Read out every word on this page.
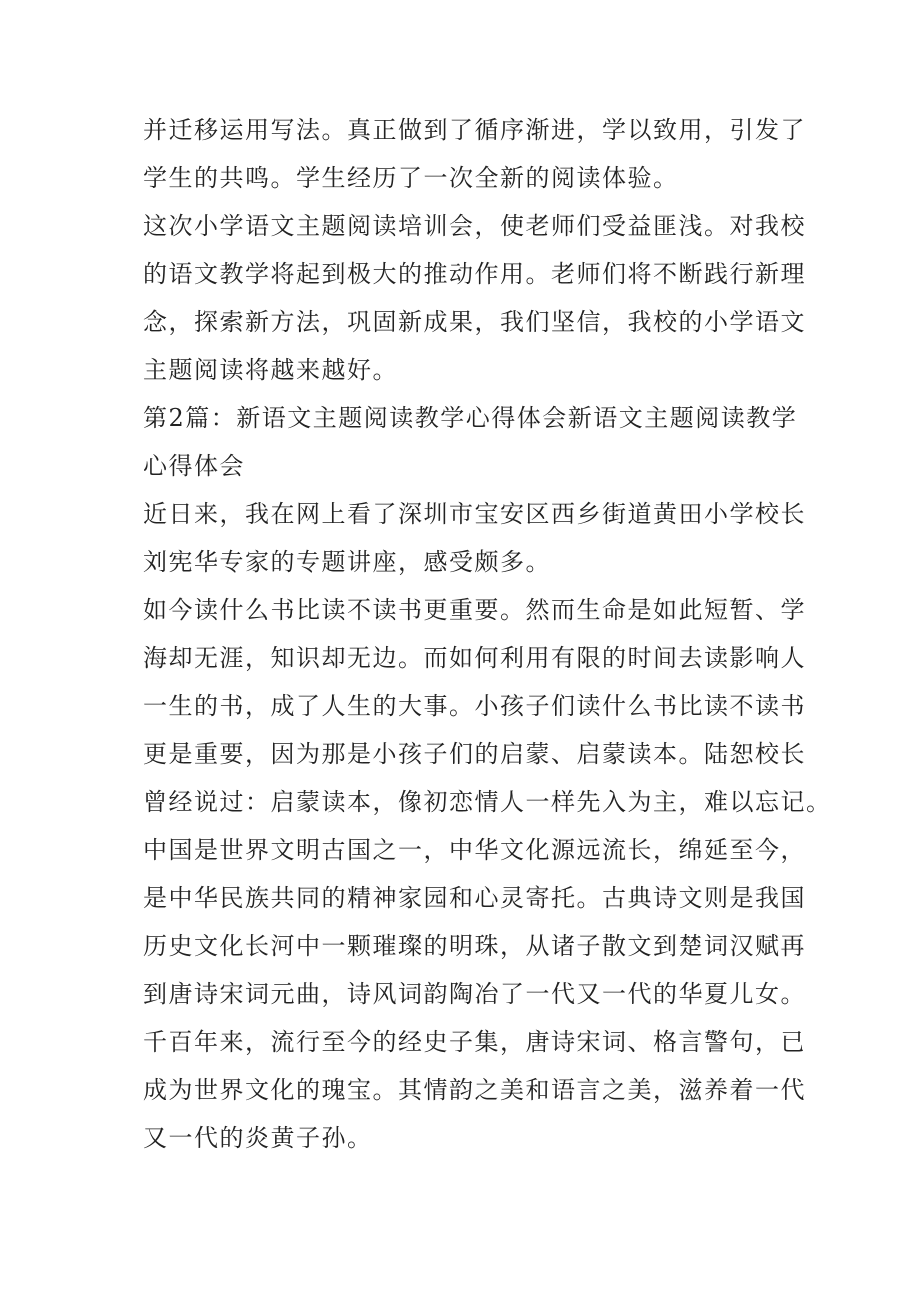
并迁移运用写法。真正做到了循序渐进，学以致用，引发了
学生的共鸣。学生经历了一次全新的阅读体验。
这次小学语文主题阅读培训会，使老师们受益匪浅。对我校
的语文教学将起到极大的推动作用。老师们将不断践行新理
念，探索新方法，巩固新成果，我们坚信，我校的小学语文
主题阅读将越来越好。
第2篇：新语文主题阅读教学心得体会新语文主题阅读教学
心得体会
近日来，我在网上看了深圳市宝安区西乡街道黄田小学校长
刘宪华专家的专题讲座，感受颇多。
如今读什么书比读不读书更重要。然而生命是如此短暂、学
海却无涯，知识却无边。而如何利用有限的时间去读影响人
一生的书，成了人生的大事。小孩子们读什么书比读不读书
更是重要，因为那是小孩子们的启蒙、启蒙读本。陆恕校长
曾经说过：启蒙读本，像初恋情人一样先入为主，难以忘记。
中国是世界文明古国之一，中华文化源远流长，绵延至今，
是中华民族共同的精神家园和心灵寄托。古典诗文则是我国
历史文化长河中一颗璀璨的明珠，从诸子散文到楚词汉赋再
到唐诗宋词元曲，诗风词韵陶冶了一代又一代的华夏儿女。
千百年来，流行至今的经史子集，唐诗宋词、格言警句，已
成为世界文化的瑰宝。其情韵之美和语言之美，滋养着一代
又一代的炎黄子孙。
